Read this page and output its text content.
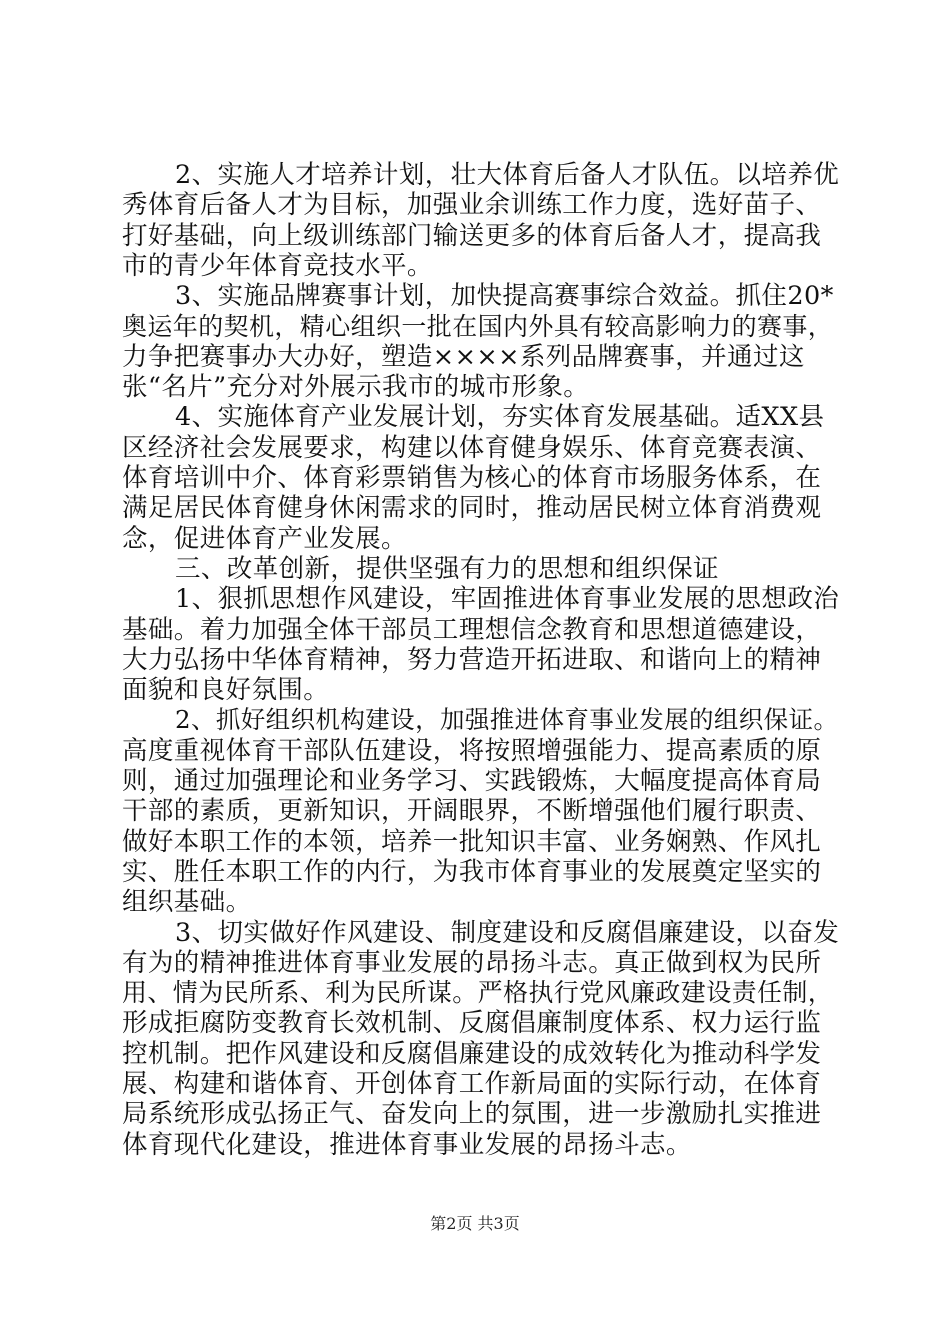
2、实施人才培养计划，壮大体育后备人才队伍。以培养优
秀体育后备人才为目标，加强业余训练工作力度，选好苗子、
打好基础，向上级训练部门输送更多的体育后备人才，提高我
市的青少年体育竞技水平。
3、实施品牌赛事计划，加快提高赛事综合效益。抓住20*
奥运年的契机，精心组织一批在国内外具有较高影响力的赛事，
力争把赛事办大办好，塑造××××系列品牌赛事，并通过这
张“名片”充分对外展示我市的城市形象。
4、实施体育产业发展计划，夯实体育发展基础。适XX县
区经济社会发展要求，构建以体育健身娱乐、体育竞赛表演、
体育培训中介、体育彩票销售为核心的体育市场服务体系，在
满足居民体育健身休闲需求的同时，推动居民树立体育消费观
念，促进体育产业发展。
三、改革创新，提供坚强有力的思想和组织保证
1、狠抓思想作风建设，牢固推进体育事业发展的思想政治
基础。着力加强全体干部员工理想信念教育和思想道德建设，
大力弘扬中华体育精神，努力营造开拓进取、和谐向上的精神
面貌和良好氛围。
2、抓好组织机构建设，加强推进体育事业发展的组织保证。
高度重视体育干部队伍建设，将按照增强能力、提高素质的原
则，通过加强理论和业务学习、实践锻炼，大幅度提高体育局
干部的素质，更新知识，开阔眼界，不断增强他们履行职责、
做好本职工作的本领，培养一批知识丰富、业务娴熟、作风扎
实、胜任本职工作的内行，为我市体育事业的发展奠定坚实的
组织基础。
3、切实做好作风建设、制度建设和反腐倡廉建设，以奋发
有为的精神推进体育事业发展的昂扬斗志。真正做到权为民所
用、情为民所系、利为民所谋。严格执行党风廉政建设责任制，
形成拒腐防变教育长效机制、反腐倡廉制度体系、权力运行监
控机制。把作风建设和反腐倡廉建设的成效转化为推动科学发
展、构建和谐体育、开创体育工作新局面的实际行动，在体育
局系统形成弘扬正气、奋发向上的氛围，进一步激励扎实推进
体育现代化建设，推进体育事业发展的昂扬斗志。
第2页 共3页
